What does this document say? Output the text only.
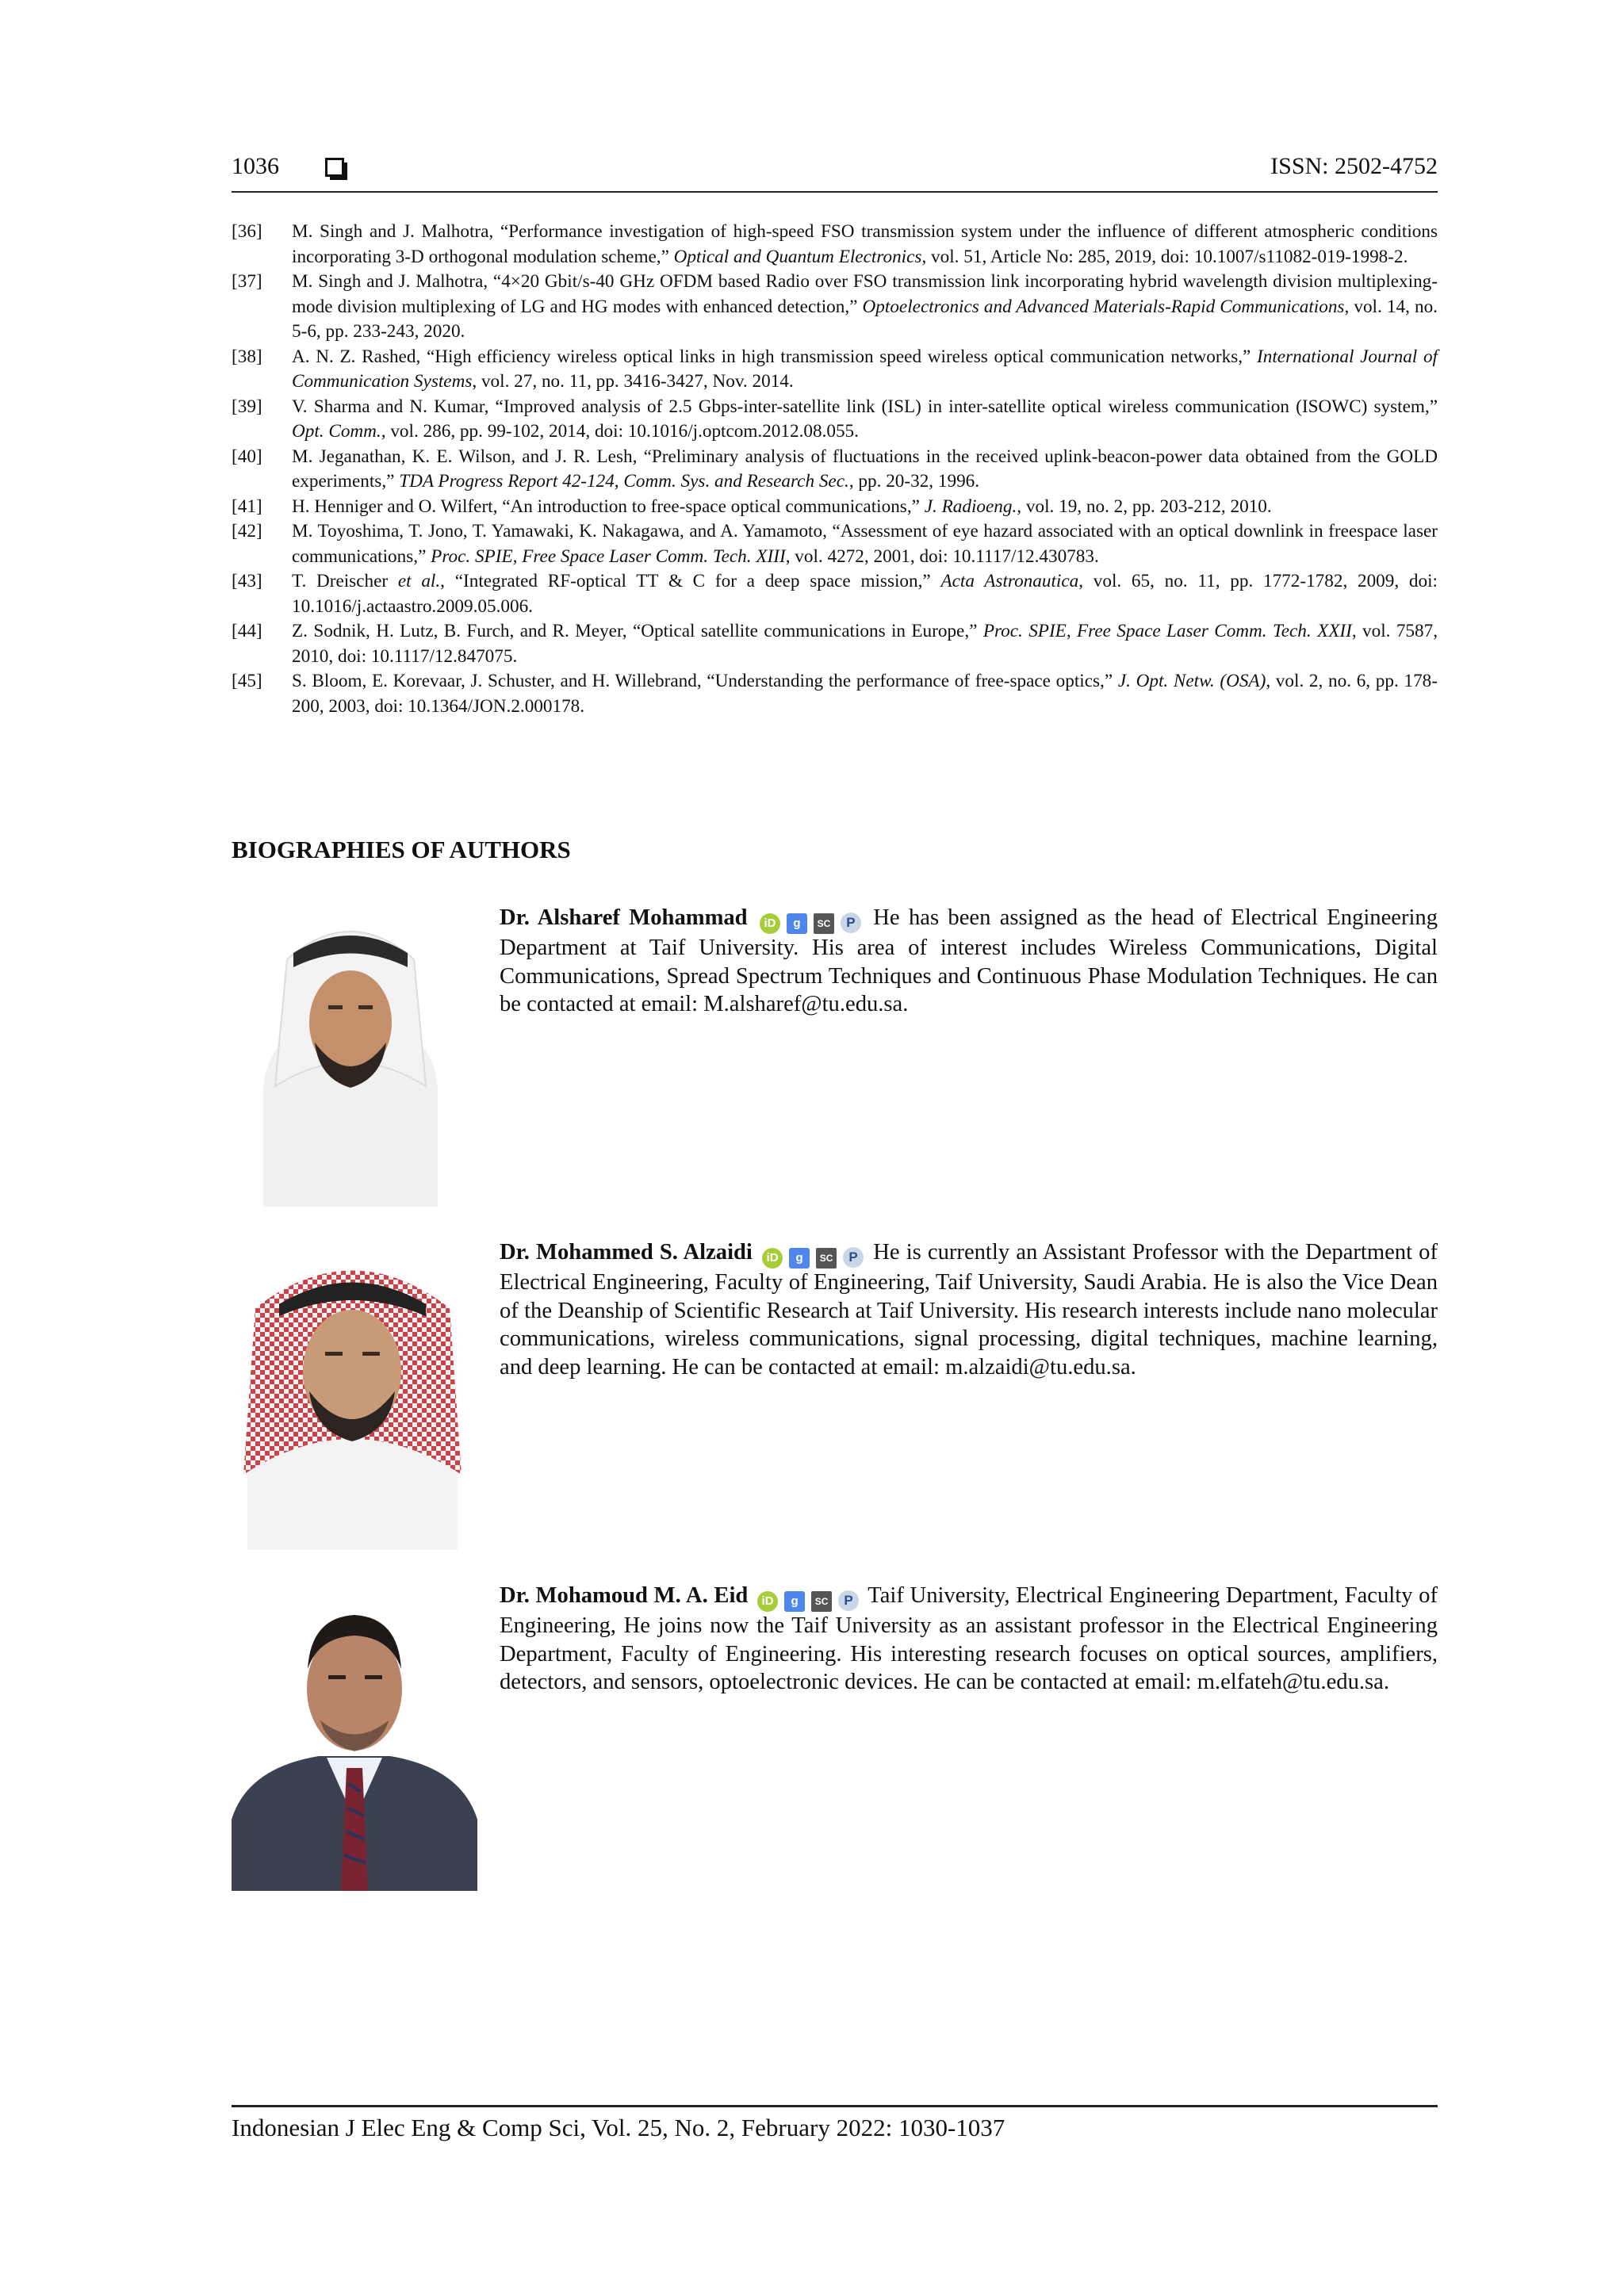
1036	ISSN: 2502-4752
[36] M. Singh and J. Malhotra, “Performance investigation of high-speed FSO transmission system under the influence of different atmospheric conditions incorporating 3-D orthogonal modulation scheme,” Optical and Quantum Electronics, vol. 51, Article No: 285, 2019, doi: 10.1007/s11082-019-1998-2.
[37] M. Singh and J. Malhotra, “4×20 Gbit/s-40 GHz OFDM based Radio over FSO transmission link incorporating hybrid wavelength division multiplexing-mode division multiplexing of LG and HG modes with enhanced detection,” Optoelectronics and Advanced Materials-Rapid Communications, vol. 14, no. 5-6, pp. 233-243, 2020.
[38] A. N. Z. Rashed, “High efficiency wireless optical links in high transmission speed wireless optical communication networks,” International Journal of Communication Systems, vol. 27, no. 11, pp. 3416-3427, Nov. 2014.
[39] V. Sharma and N. Kumar, “Improved analysis of 2.5 Gbps-inter-satellite link (ISL) in inter-satellite optical wireless communication (ISOWC) system,” Opt. Comm., vol. 286, pp. 99-102, 2014, doi: 10.1016/j.optcom.2012.08.055.
[40] M. Jeganathan, K. E. Wilson, and J. R. Lesh, “Preliminary analysis of fluctuations in the received uplink-beacon-power data obtained from the GOLD experiments,” TDA Progress Report 42-124, Comm. Sys. and Research Sec., pp. 20-32, 1996.
[41] H. Henniger and O. Wilfert, “An introduction to free-space optical communications,” J. Radioeng., vol. 19, no. 2, pp. 203-212, 2010.
[42] M. Toyoshima, T. Jono, T. Yamawaki, K. Nakagawa, and A. Yamamoto, “Assessment of eye hazard associated with an optical downlink in freespace laser communications,” Proc. SPIE, Free Space Laser Comm. Tech. XIII, vol. 4272, 2001, doi: 10.1117/12.430783.
[43] T. Dreischer et al., “Integrated RF-optical TT & C for a deep space mission,” Acta Astronautica, vol. 65, no. 11, pp. 1772-1782, 2009, doi: 10.1016/j.actaastro.2009.05.006.
[44] Z. Sodnik, H. Lutz, B. Furch, and R. Meyer, “Optical satellite communications in Europe,” Proc. SPIE, Free Space Laser Comm. Tech. XXII, vol. 7587, 2010, doi: 10.1117/12.847075.
[45] S. Bloom, E. Korevaar, J. Schuster, and H. Willebrand, “Understanding the performance of free-space optics,” J. Opt. Netw. (OSA), vol. 2, no. 6, pp. 178-200, 2003, doi: 10.1364/JON.2.000178.
BIOGRAPHIES OF AUTHORS
Dr. Alsharef Mohammad iD g SC P He has been assigned as the head of Electrical Engineering Department at Taif University. His area of interest includes Wireless Communications, Digital Communications, Spread Spectrum Techniques and Continuous Phase Modulation Techniques. He can be contacted at email: M.alsharef@tu.edu.sa.
Dr. Mohammed S. Alzaidi iD g SC P He is currently an Assistant Professor with the Department of Electrical Engineering, Faculty of Engineering, Taif University, Saudi Arabia. He is also the Vice Dean of the Deanship of Scientific Research at Taif University. His research interests include nano molecular communications, wireless communications, signal processing, digital techniques, machine learning, and deep learning. He can be contacted at email: m.alzaidi@tu.edu.sa.
Dr. Mohamoud M. A. Eid iD g SC P Taif University, Electrical Engineering Department, Faculty of Engineering, He joins now the Taif University as an assistant professor in the Electrical Engineering Department, Faculty of Engineering. His interesting research focuses on optical sources, amplifiers, detectors, and sensors, optoelectronic devices. He can be contacted at email: m.elfateh@tu.edu.sa.
Indonesian J Elec Eng & Comp Sci, Vol. 25, No. 2, February 2022: 1030-1037
